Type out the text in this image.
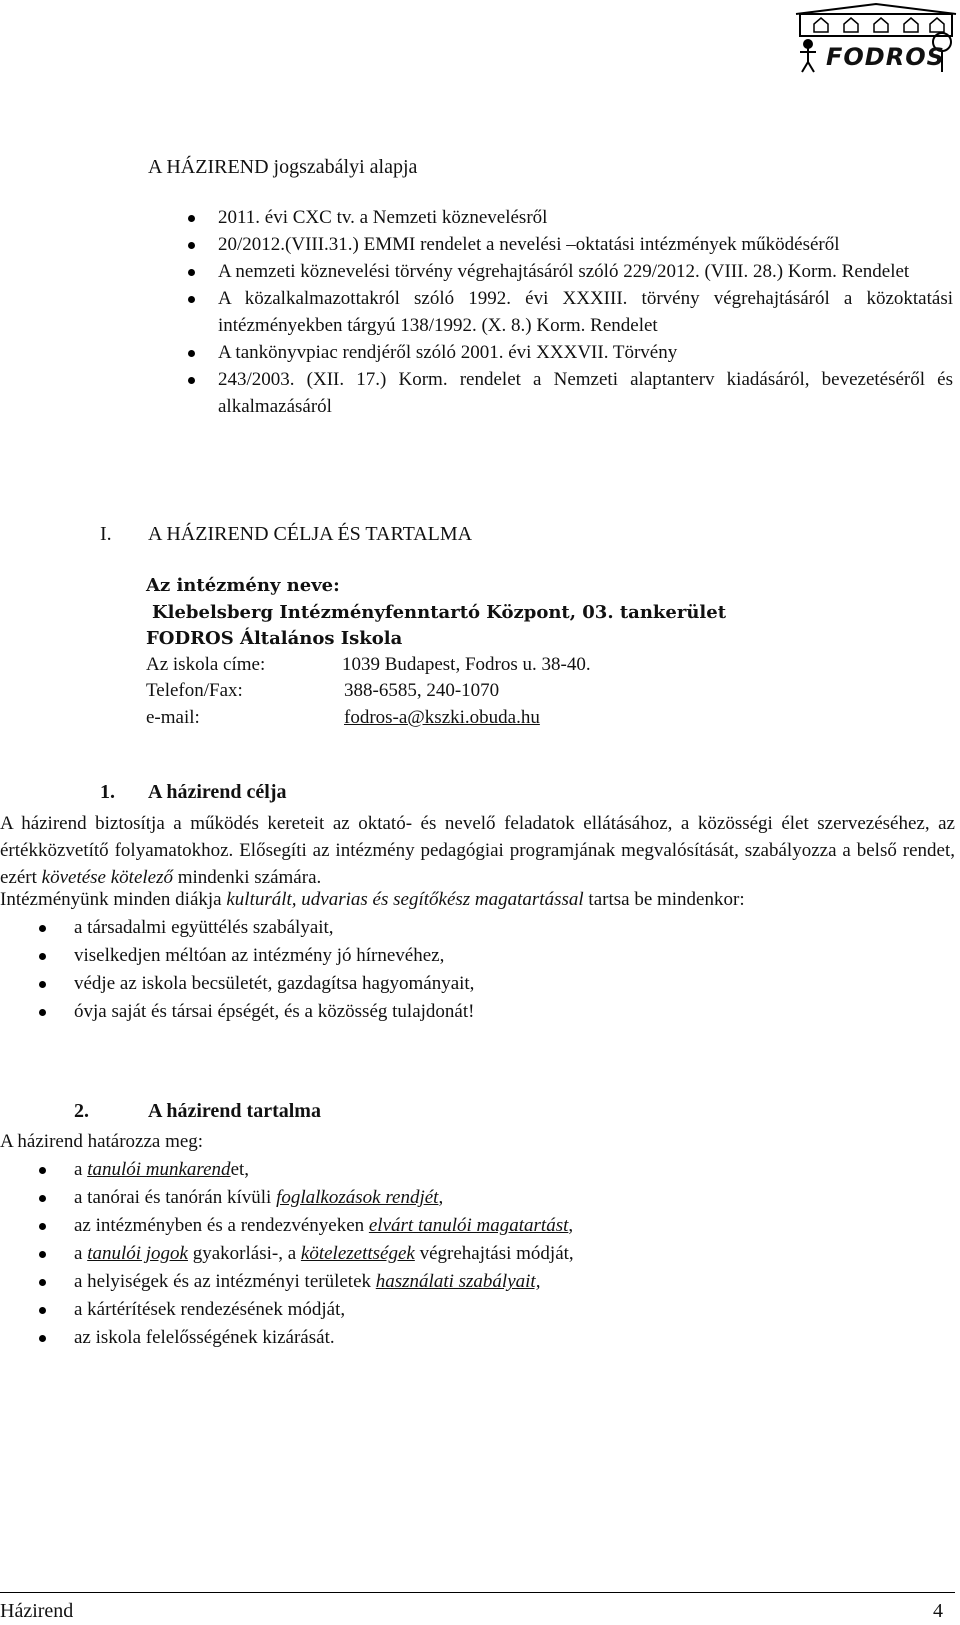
FODROS
A HÁZIREND jogszabályi alapja
2011. évi CXC tv. a Nemzeti köznevelésről
20/2012.(VIII.31.) EMMI rendelet a nevelési –oktatási intézmények működéséről
A nemzeti köznevelési törvény végrehajtásáról szóló 229/2012. (VIII. 28.) Korm. Rendelet
A közalkalmazottakról szóló 1992. évi XXXIII. törvény végrehajtásáról a közoktatási intézményekben tárgyú 138/1992. (X. 8.) Korm. Rendelet
A tankönyvpiac rendjéről szóló 2001. évi XXXVII. Törvény
243/2003. (XII. 17.) Korm. rendelet a Nemzeti alaptanterv kiadásáról, bevezetéséről és alkalmazásáról
I. A HÁZIREND CÉLJA ÉS TARTALMA
Az intézmény neve:
Klebelsberg Intézményfenntartó Központ, 03. tankerület
FODROS Általános Iskola
Az iskola címe:	1039 Budapest, Fodros u. 38-40.
Telefon/Fax:	388-6585, 240-1070
e-mail:	fodros-a@kszki.obuda.hu
1. A házirend célja
A házirend biztosítja a működés kereteit az oktató- és nevelő feladatok ellátásához, a közösségi élet szervezéséhez, az értékközvetítő folyamatokhoz. Elősegíti az intézmény pedagógiai programjának megvalósítását, szabályozza a belső rendet, ezért követése kötelező mindenki számára.
Intézményünk minden diákja kulturált, udvarias és segítőkész magatartással tartsa be mindenkor:
a társadalmi együttélés szabályait,
viselkedjen méltóan az intézmény jó hírnevéhez,
védje az iskola becsületét, gazdagítsa hagyományait,
óvja saját és társai épségét, és a közösség tulajdonát!
2.	A házirend tartalma
A házirend határozza meg:
a tanulói munkarendet,
a tanórai és tanórán kívüli foglalkozások rendjét,
az intézményben és a rendezvényeken elvárt tanulói magatartást,
a tanulói jogok gyakorlási-, a kötelezettségek végrehajtási módját,
a helyiségek és az intézményi területek használati szabályait,
a kártérítések rendezésének módját,
az iskola felelősségének kizárását.
Házirend	4
